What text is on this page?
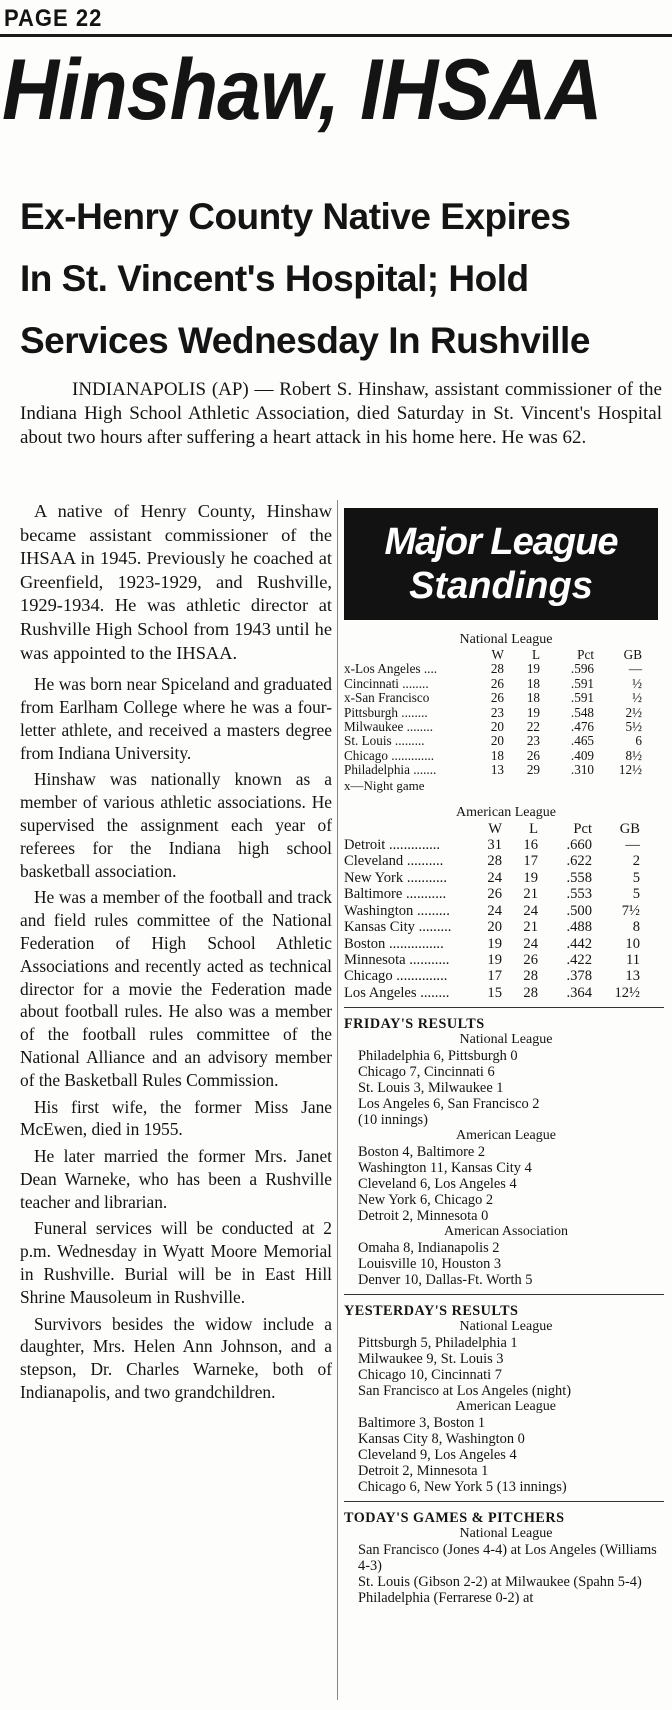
PAGE 22
Hinshaw, IHSAA
Ex-Henry County Native Expires
In St. Vincent's Hospital; Hold
Services Wednesday In Rushville

INDIANAPOLIS (AP) — Robert S. Hinshaw, assistant commissioner of the Indiana High School Athletic Association, died Saturday in St. Vincent's Hospital about two hours after suffering a heart attack in his home here. He was 62.

A native of Henry County, Hinshaw became assistant commissioner of the IHSAA in 1945. Previously he coached at Greenfield, 1923-1929, and Rushville, 1929-1934. He was athletic director at Rushville High School from 1943 until he was appointed to the IHSAA.

He was born near Spiceland and graduated from Earlham College where he was a four-letter athlete, and received a masters degree from Indiana University.

Hinshaw was nationally known as a member of various athletic associations. He supervised the assignment each year of referees for the Indiana high school basketball association.

He was a member of the football and track and field rules committee of the National Federation of High School Athletic Associations and recently acted as technical director for a movie the Federation made about football rules. He also was a member of the football rules committee of the National Alliance and an advisory member of the Basketball Rules Commission.

His first wife, the former Miss Jane McEwen, died in 1955.

He later married the former Mrs. Janet Dean Warneke, who has been a Rushville teacher and librarian.

Funeral services will be conducted at 2 p.m. Wednesday in Wyatt Moore Memorial in Rushville. Burial will be in East Hill Shrine Mausoleum in Rushville.

Survivors besides the widow include a daughter, Mrs. Helen Ann Johnson, and a stepson, Dr. Charles Warneke, both of Indianapolis, and two grandchildren.

Major League
Standings
National League
W	L	Pct	GB
x-Los Angeles ....	28	19	.596	—
Cincinnati ........	26	18	.591	½
x-San Francisco	26	18	.591	½
Pittsburgh ........	23	19	.548	2½
Milwaukee ........	20	22	.476	5½
St. Louis .........	20	23	.465	6
Chicago .............	18	26	.409	8½
Philadelphia .......	13	29	.310	12½
x—Night game
American League
W	L	Pct	GB
Detroit ..............	31	16	.660	—
Cleveland ..........	28	17	.622	2
New York ...........	24	19	.558	5
Baltimore ...........	26	21	.553	5
Washington .........	24	24	.500	7½
Kansas City .........	20	21	.488	8
Boston ...............	19	24	.442	10
Minnesota ...........	19	26	.422	11
Chicago ..............	17	28	.378	13
Los Angeles ........	15	28	.364	12½
FRIDAY'S RESULTS
National League
Philadelphia 6, Pittsburgh 0
Chicago 7, Cincinnati 6
St. Louis 3, Milwaukee 1
Los Angeles 6, San Francisco 2
(10 innings)
American League
Boston 4, Baltimore 2
Washington 11, Kansas City 4
Cleveland 6, Los Angeles 4
New York 6, Chicago 2
Detroit 2, Minnesota 0
American Association
Omaha 8, Indianapolis 2
Louisville 10, Houston 3
Denver 10, Dallas-Ft. Worth 5
YESTERDAY'S RESULTS
National League
Pittsburgh 5, Philadelphia 1
Milwaukee 9, St. Louis 3
Chicago 10, Cincinnati 7
San Francisco at Los Angeles (night)
American League
Baltimore 3, Boston 1
Kansas City 8, Washington 0
Cleveland 9, Los Angeles 4
Detroit 2, Minnesota 1
Chicago 6, New York 5 (13 innings)
TODAY'S GAMES & PITCHERS
National League
San Francisco (Jones 4-4) at Los Angeles (Williams 4-3)
St. Louis (Gibson 2-2) at Milwaukee (Spahn 5-4)
Philadelphia (Ferrarese 0-2) at
